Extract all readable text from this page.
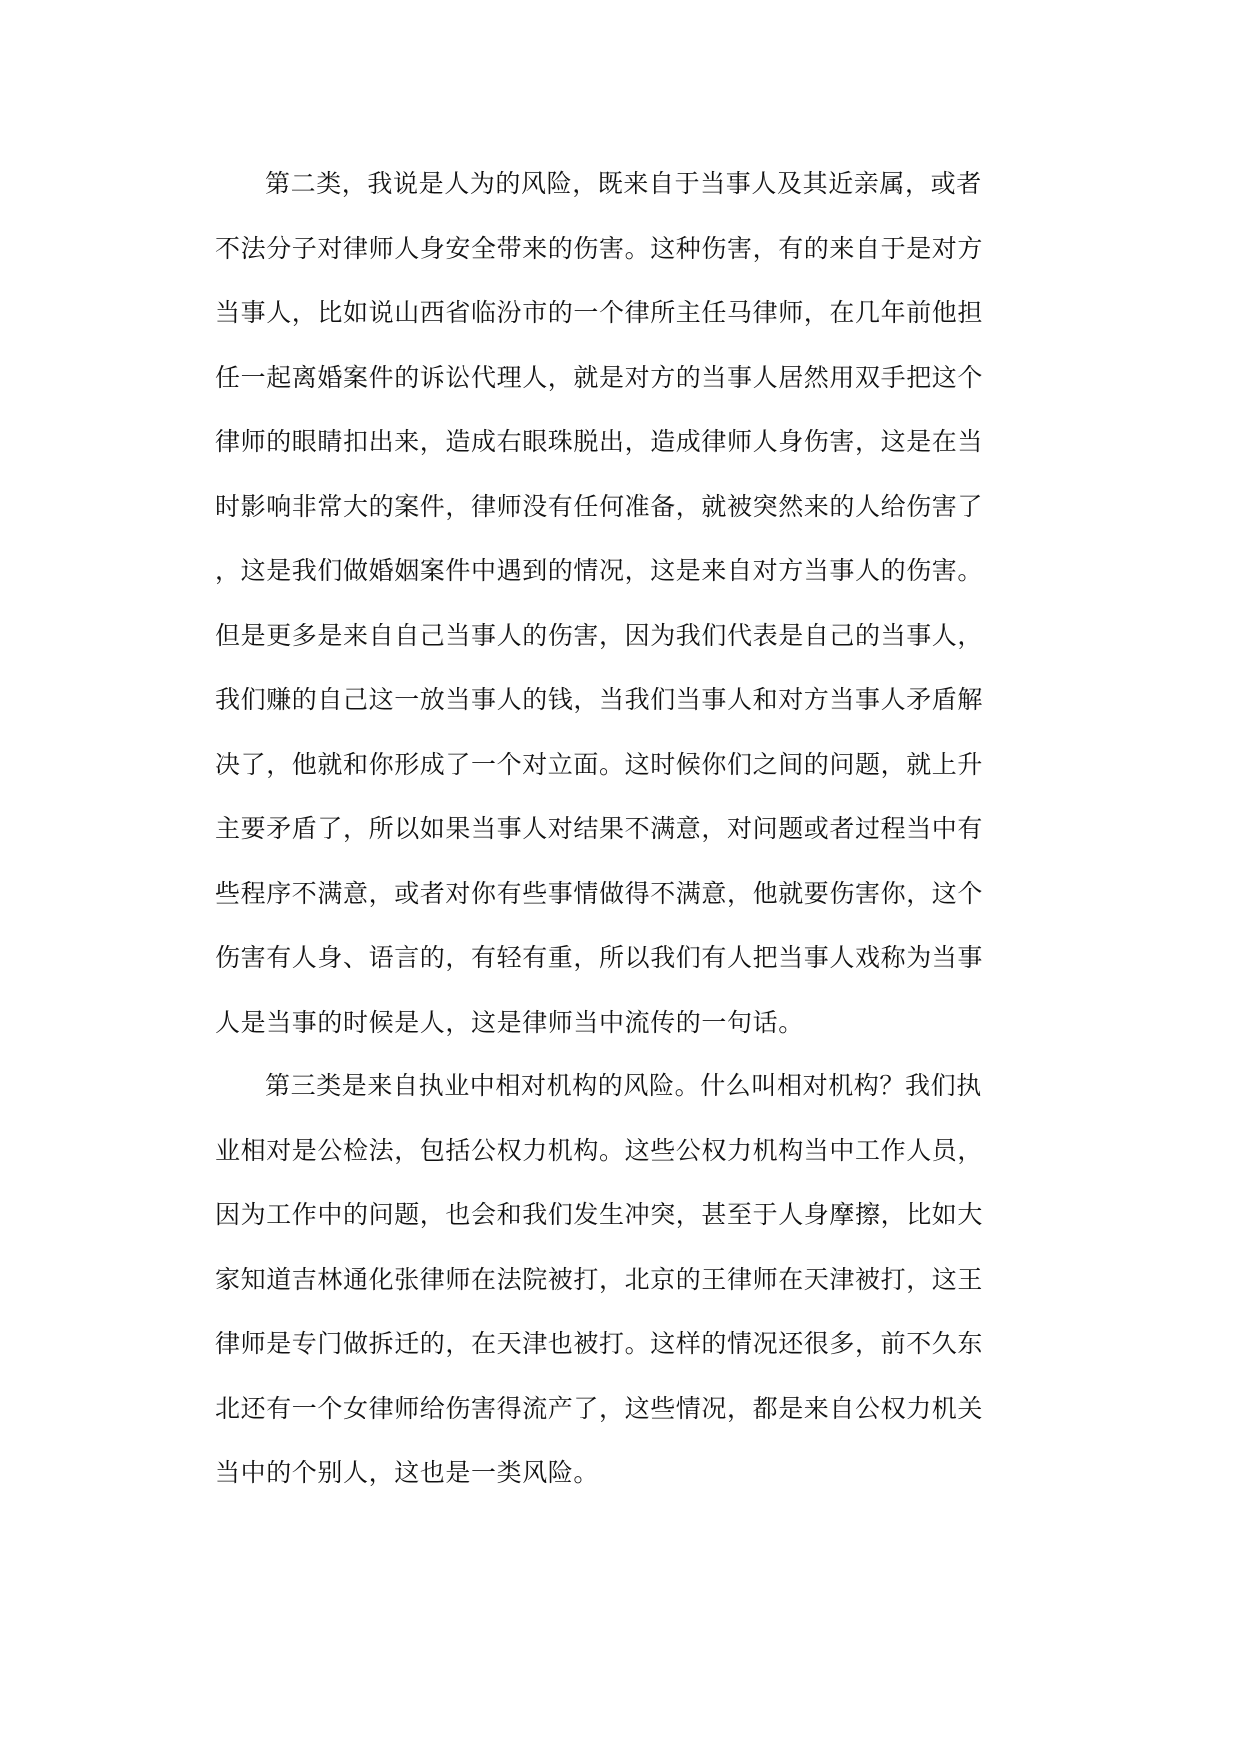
第二类，我说是人为的风险，既来自于当事人及其近亲属，或者
不法分子对律师人身安全带来的伤害。这种伤害，有的来自于是对方
当事人，比如说山西省临汾市的一个律所主任马律师，在几年前他担
任一起离婚案件的诉讼代理人，就是对方的当事人居然用双手把这个
律师的眼睛扣出来，造成右眼珠脱出，造成律师人身伤害，这是在当
时影响非常大的案件，律师没有任何准备，就被突然来的人给伤害了
，这是我们做婚姻案件中遇到的情况，这是来自对方当事人的伤害。
但是更多是来自自己当事人的伤害，因为我们代表是自己的当事人，
我们赚的自己这一放当事人的钱，当我们当事人和对方当事人矛盾解
决了，他就和你形成了一个对立面。这时候你们之间的问题，就上升
主要矛盾了，所以如果当事人对结果不满意，对问题或者过程当中有
些程序不满意，或者对你有些事情做得不满意，他就要伤害你，这个
伤害有人身、语言的，有轻有重，所以我们有人把当事人戏称为当事
人是当事的时候是人，这是律师当中流传的一句话。
第三类是来自执业中相对机构的风险。什么叫相对机构？我们执
业相对是公检法，包括公权力机构。这些公权力机构当中工作人员，
因为工作中的问题，也会和我们发生冲突，甚至于人身摩擦，比如大
家知道吉林通化张律师在法院被打，北京的王律师在天津被打，这王
律师是专门做拆迁的，在天津也被打。这样的情况还很多，前不久东
北还有一个女律师给伤害得流产了，这些情况，都是来自公权力机关
当中的个别人，这也是一类风险。
